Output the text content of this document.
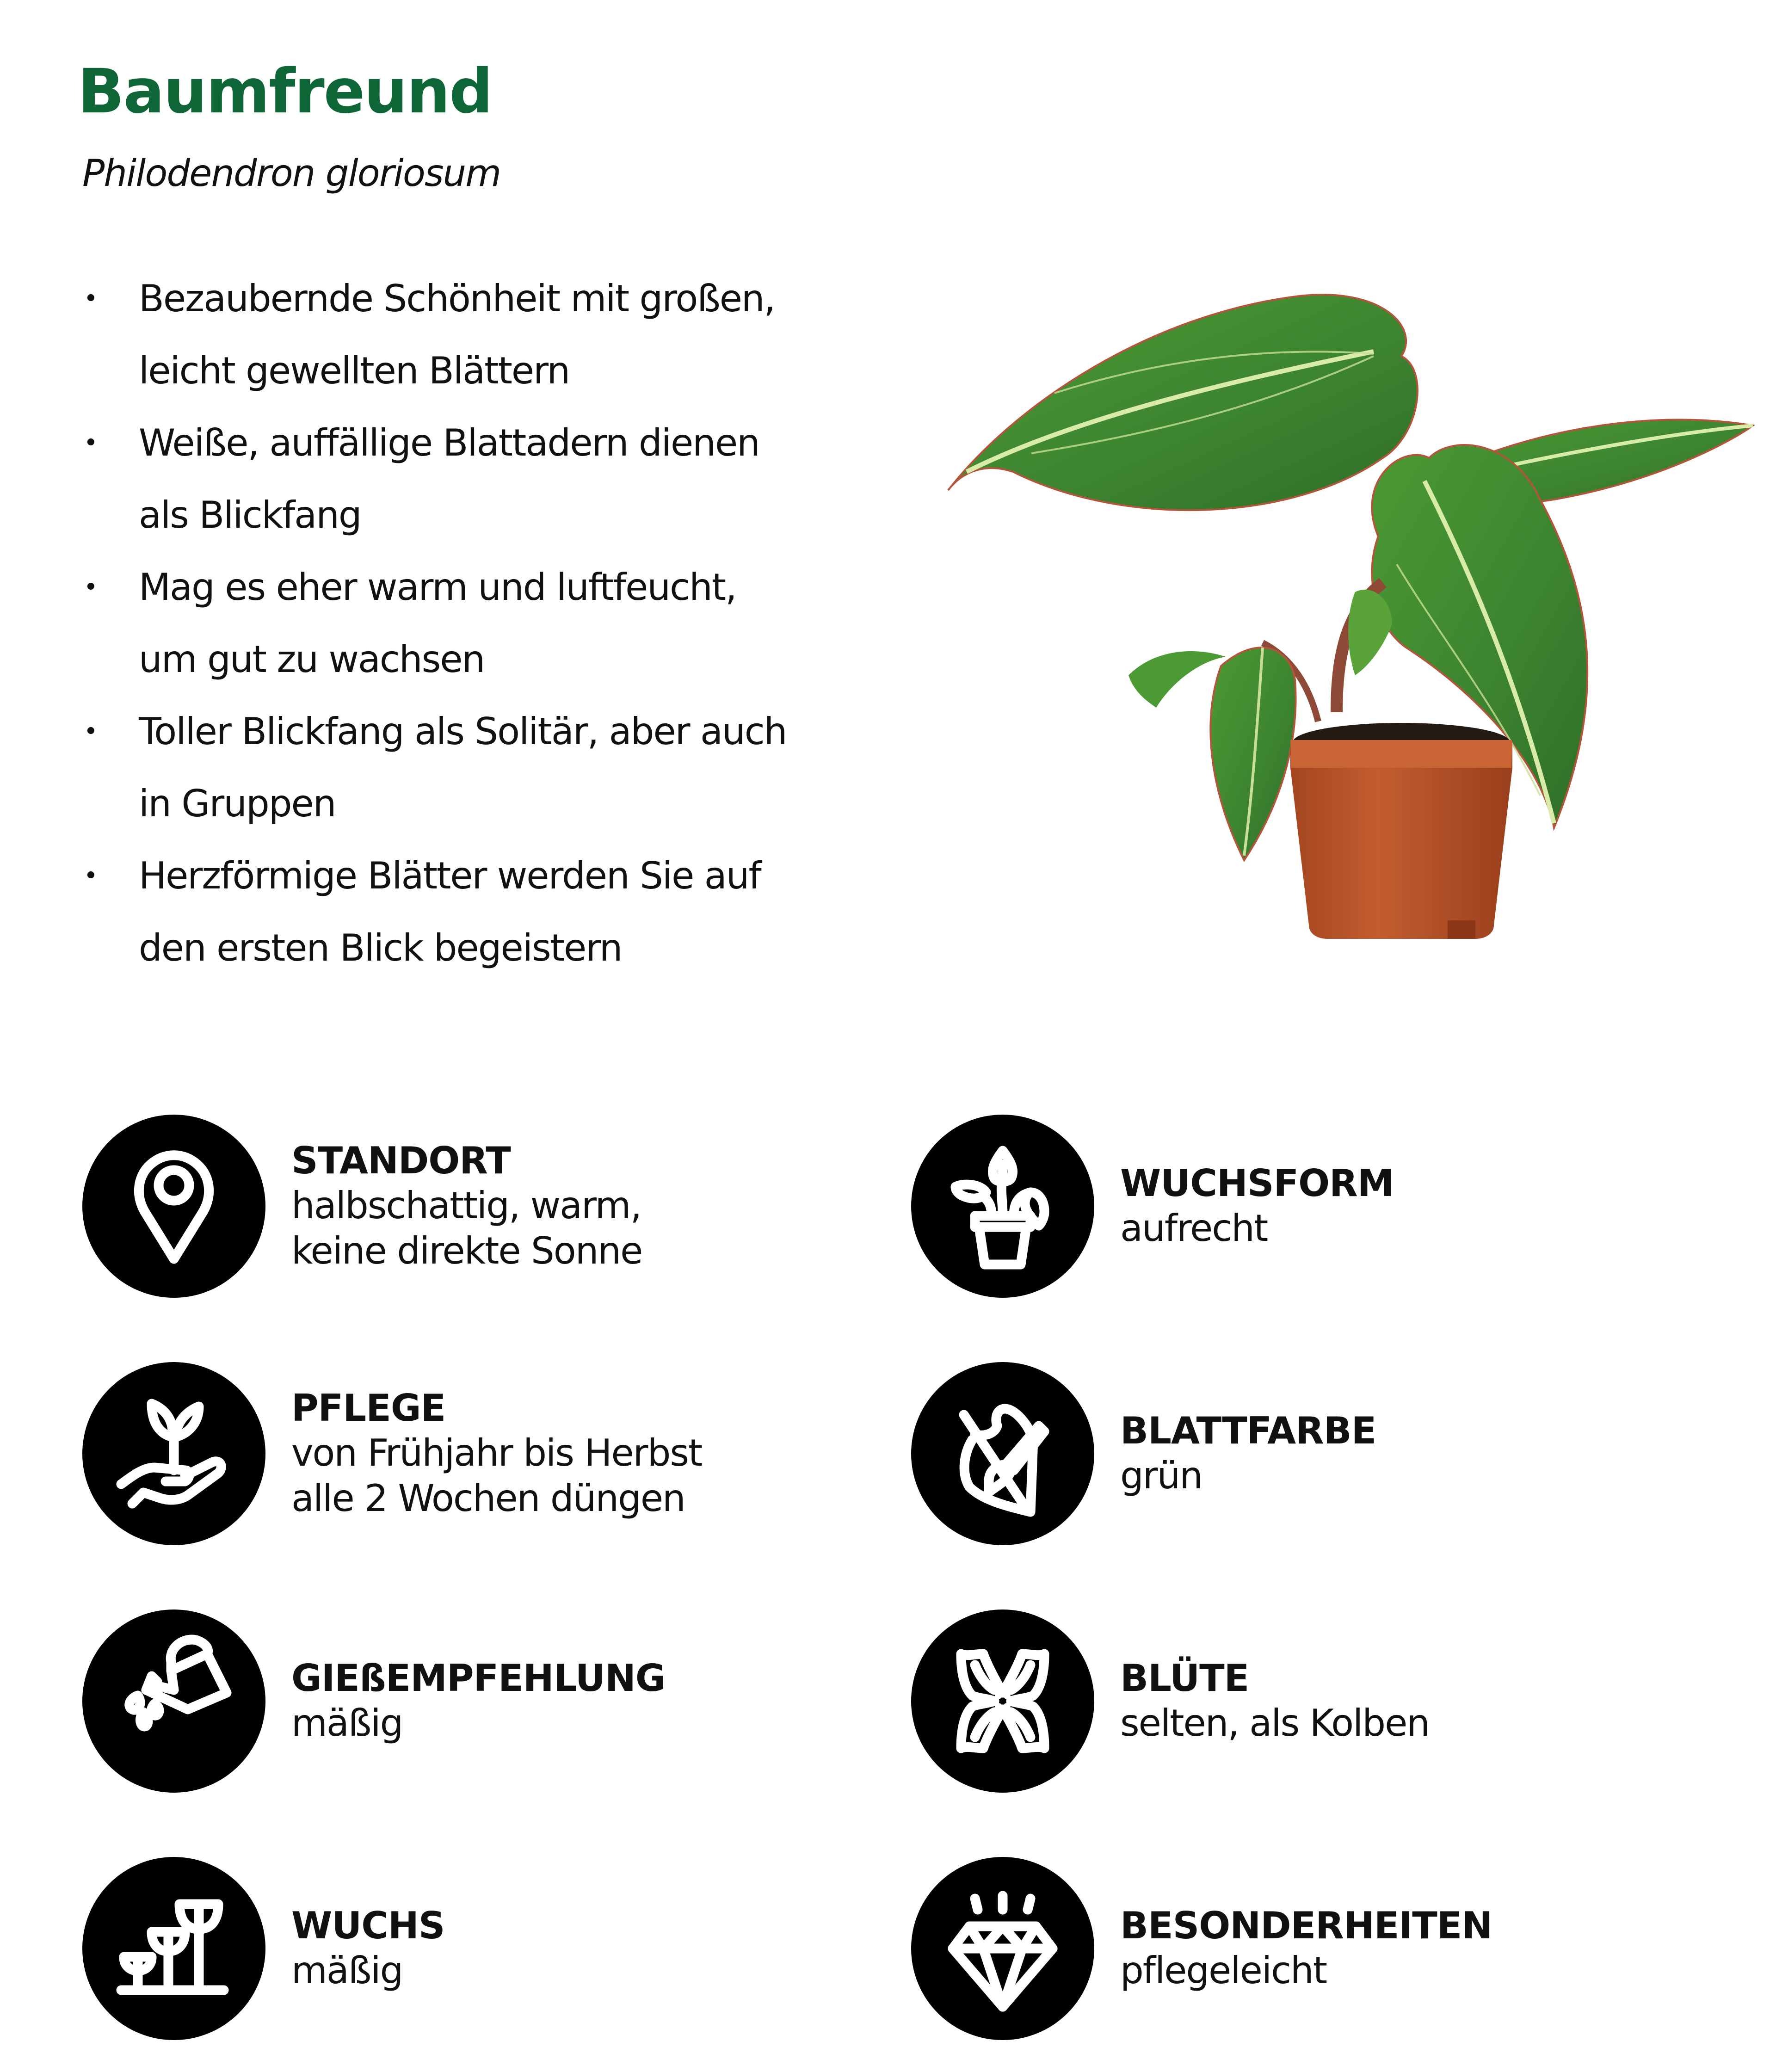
Baumfreund

Philodendron gloriosum

• Bezaubernde Schönheit mit großen,
leicht gewellten Blättern
• Weiße, auffällige Blattadern dienen
als Blickfang
• Mag es eher warm und luftfeucht,
um gut zu wachsen
• Toller Blickfang als Solitär, aber auch
in Gruppen
• Herzförmige Blätter werden Sie auf
den ersten Blick begeistern
STANDORT
halbschattig, warm,
keine direkte Sonne
WUCHSFORM
aufrecht
PFLEGE
von Frühjahr bis Herbst
alle 2 Wochen düngen
BLATTFARBE
grün
GIEßEMPFEHLUNG
mäßig
BLÜTE
selten, als Kolben
WUCHS
mäßig
BESONDERHEITEN
pflegeleicht
